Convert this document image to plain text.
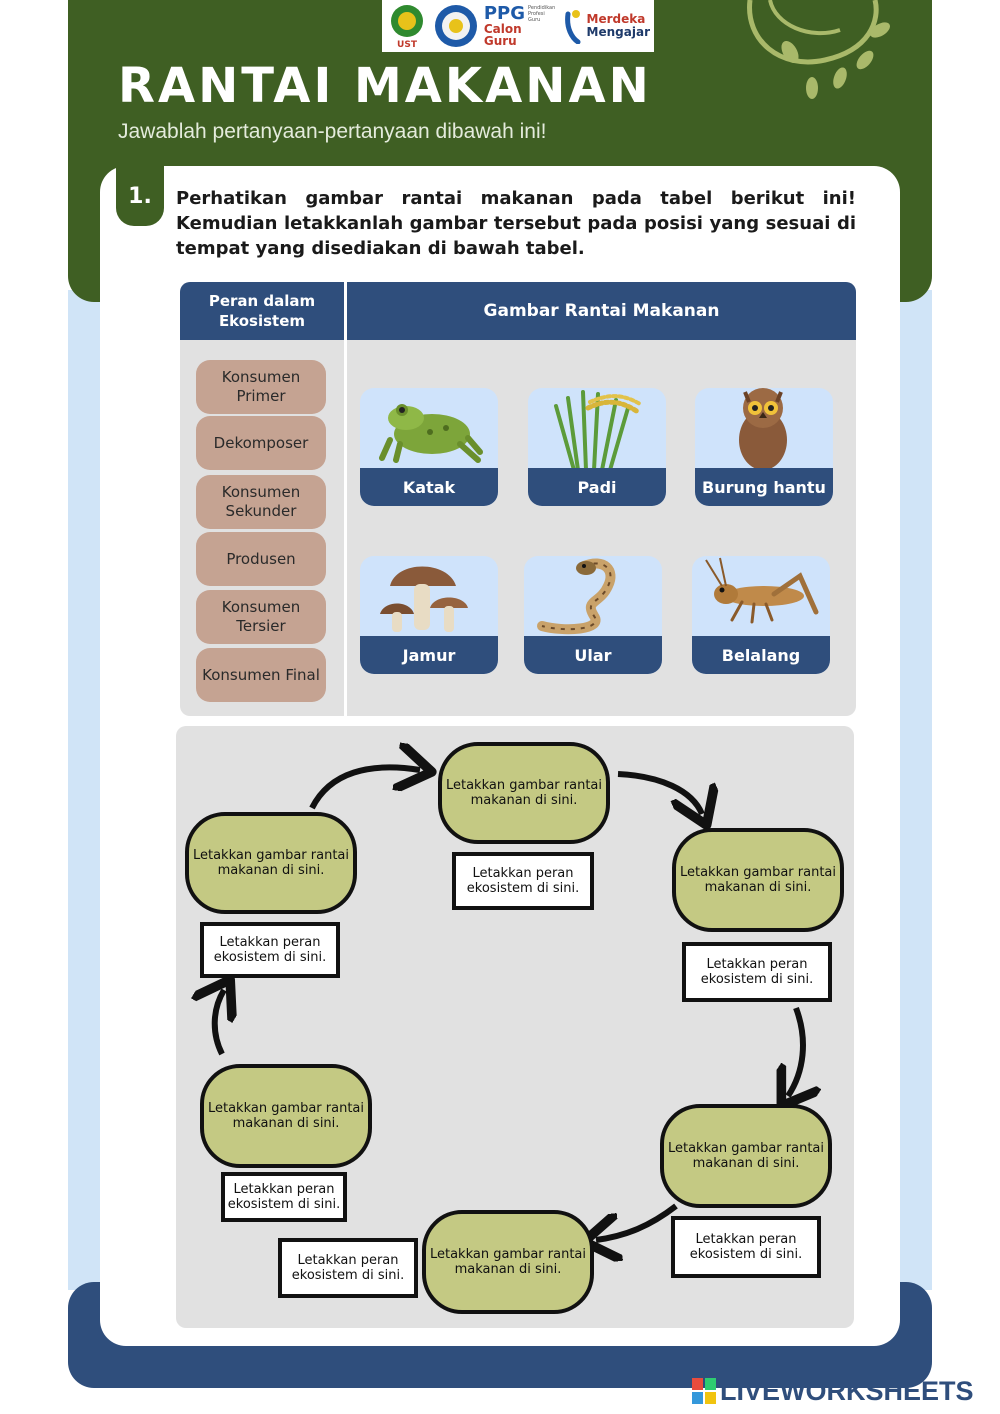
UST
PPG Pendidikan Profesi Guru
Calon Guru
Merdeka
Mengajar
RANTAI MAKANAN
Jawablah pertanyaan-pertanyaan dibawah ini!
1.	Perhatikan gambar rantai makanan pada tabel berikut ini! Kemudian letakkanlah gambar tersebut pada posisi yang sesuai di tempat yang disediakan di bawah tabel.
Peran dalam Ekosistem	Gambar Rantai Makanan
Konsumen Primer
Dekomposer
Konsumen Sekunder
Produsen
Konsumen Tersier
Konsumen Final
Katak	Padi	Burung hantu
Jamur	Ular	Belalang
Letakkan gambar rantai makanan di sini.
Letakkan peran ekosistem di sini.
Letakkan gambar rantai makanan di sini.
Letakkan peran ekosistem di sini.
Letakkan gambar rantai makanan di sini.
Letakkan peran ekosistem di sini.
Letakkan gambar rantai makanan di sini.
Letakkan peran ekosistem di sini.
Letakkan gambar rantai makanan di sini.
Letakkan peran ekosistem di sini.
Letakkan gambar rantai makanan di sini.
Letakkan peran ekosistem di sini.
LIVEWORKSHEETS
